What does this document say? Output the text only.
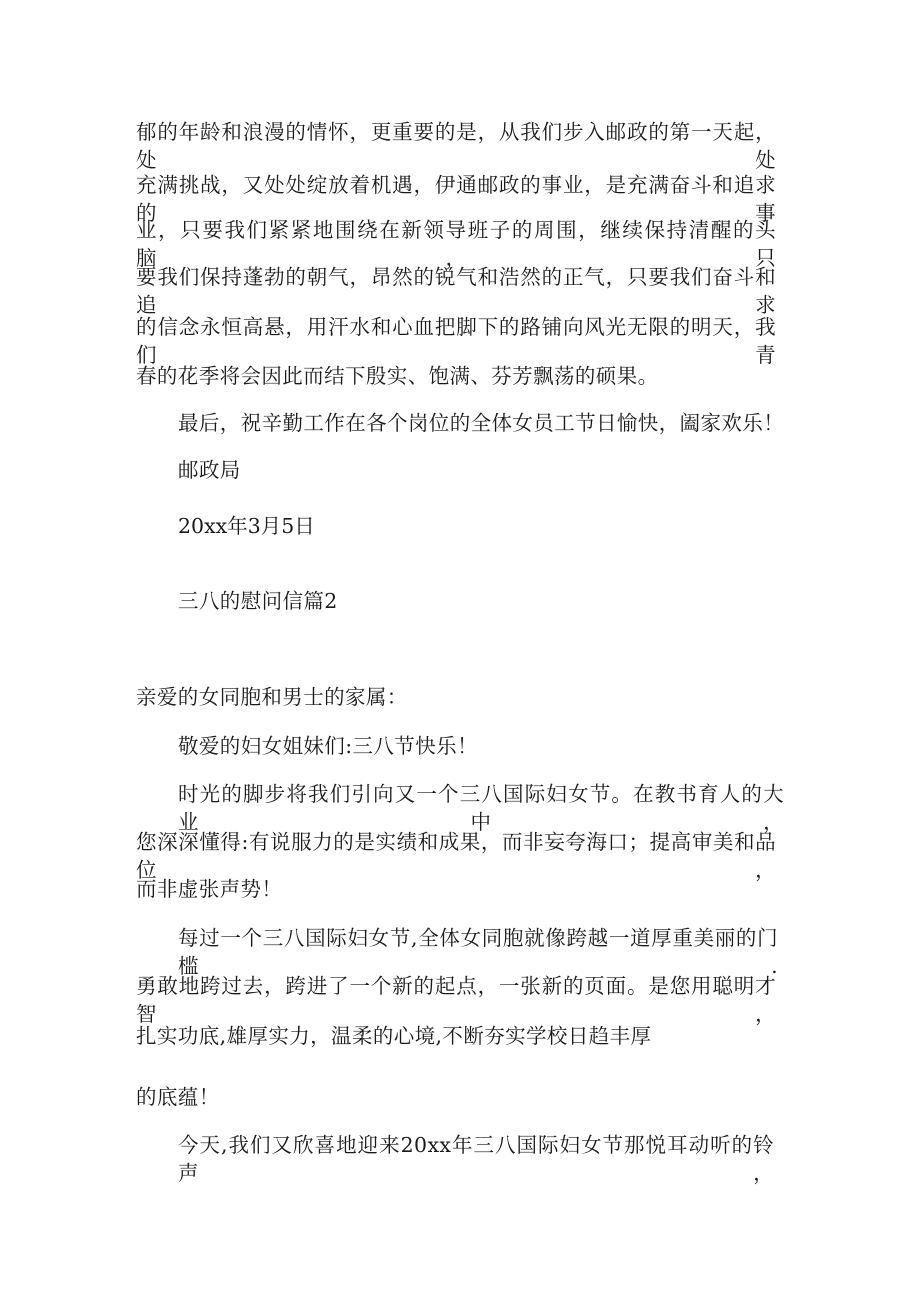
郁的年龄和浪漫的情怀，更重要的是，从我们步入邮政的第一天起，处处
充满挑战，又处处绽放着机遇，伊通邮政的事业，是充满奋斗和追求的事
业，只要我们紧紧地围绕在新领导班子的周围，继续保持清醒的头脑，只
要我们保持蓬勃的朝气，昂然的锐气和浩然的正气，只要我们奋斗和追求
的信念永恒高悬，用汗水和心血把脚下的路铺向风光无限的明天，我们青
春的花季将会因此而结下殷实、饱满、芬芳飘荡的硕果。
最后，祝辛勤工作在各个岗位的全体女员工节日愉快，阖家欢乐！
邮政局
20xx年3月5日
三八的慰问信篇2
亲爱的女同胞和男士的家属：
敬爱的妇女姐妹们:三八节快乐！
时光的脚步将我们引向又一个三八国际妇女节。在教书育人的大业中，
您深深懂得:有说服力的是实绩和成果，而非妄夸海口；提高审美和品位，
而非虚张声势！
每过一个三八国际妇女节,全体女同胞就像跨越一道厚重美丽的门槛.
勇敢地跨过去，跨进了一个新的起点，一张新的页面。是您用聪明才智，
扎实功底,雄厚实力，温柔的心境,不断夯实学校日趋丰厚
的底蕴！
今天,我们又欣喜地迎来20xx年三八国际妇女节那悦耳动听的铃声，
